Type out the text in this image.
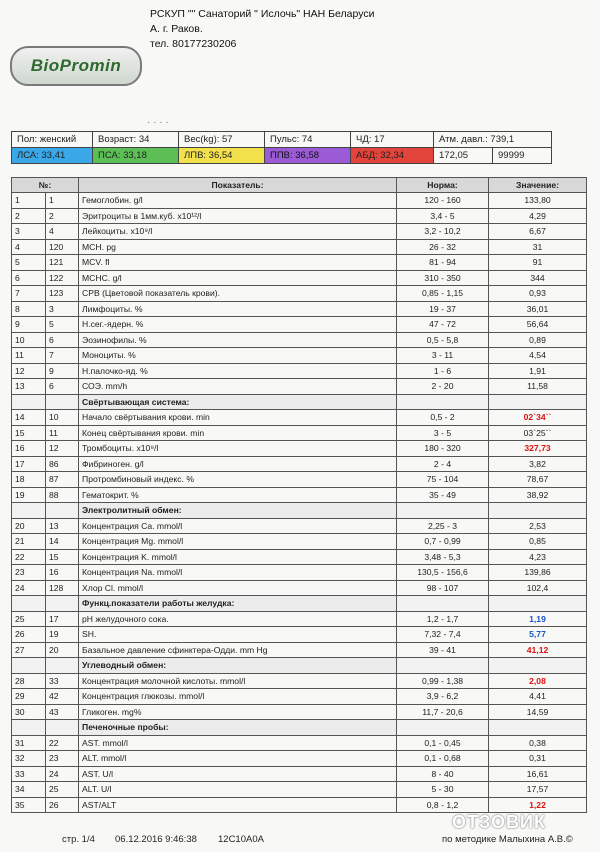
BioPromin
РСКУП "" Санаторий " Ислочь" НАН Беларуси
А. г. Раков.
тел. 80177230206
· · · ·
Пол: женский	Возраст: 34	Вес(kg): 57	Пульс: 74	ЧД: 17	Атм. давл.: 739,1	
ЛСА: 33,41	ПСА: 33,18	ЛПВ: 36,54	ППВ: 36,58	АБД: 32,34	172,05	99999
№:		Показатель:	Норма:	Значение:
1	1	Гемоглобин. g/l	120 - 160	133,80
2	2	Эритроциты в 1мм.куб. х10¹²/l	3,4 - 5	4,29
3	4	Лейкоциты. х10⁹/l	3,2 - 10,2	6,67
4	120	MCH. pg	26 - 32	31
5	121	MCV. fl	81 - 94	91
6	122	MCHC. g/l	310 - 350	344
7	123	СРВ (Цветовой показатель крови).	0,85 - 1,15	0,93
8	3	Лимфоциты. %	19 - 37	36,01
9	5	Н.сег.-ядерн. %	47 - 72	56,64
10	6	Эозинофилы. %	0,5 - 5,8	0,89
11	7	Моноциты. %	3 - 11	4,54
12	9	Н.палочко-яд. %	1 - 6	1,91
13	6	СОЭ. mm/h	2 - 20	11,58
		Свёртывающая система:		
14	10	Начало свёртывания крови. min	0,5 - 2	02`34``
15	11	Конец свёртывания крови. min	3 - 5	03`25``
16	12	Тромбоциты. х10⁹/l	180 - 320	327,73
17	86	Фибриноген. g/l	2 - 4	3,82
18	87	Протромбиновый индекс. %	75 - 104	78,67
19	88	Гематокрит. %	35 - 49	38,92
		Электролитный обмен:		
20	13	Концентрация Ca. mmol/l	2,25 - 3	2,53
21	14	Концентрация Mg. mmol/l	0,7 - 0,99	0,85
22	15	Концентрация K. mmol/l	3,48 - 5,3	4,23
23	16	Концентрация Na. mmol/l	130,5 - 156,6	139,86
24	128	Хлор Cl. mmol/l	98 - 107	102,4
		Функц.показатели работы желудка:		
25	17	pH желудочного сока.	1,2 - 1,7	1,19
26	19	SH.	7,32 - 7,4	5,77
27	20	Базальное давление сфинктера-Одди. mm Hg	39 - 41	41,12
		Углеводный обмен:		
28	33	Концентрация молочной кислоты. mmol/l	0,99 - 1,38	2,08
29	42	Концентрация глюкозы. mmol/l	3,9 - 6,2	4,41
30	43	Гликоген. mg%	11,7 - 20,6	14,59
		Печеночные пробы:		
31	22	AST. mmol/l	0,1 - 0,45	0,38
32	23	ALT. mmol/l	0,1 - 0,68	0,31
33	24	AST. U/l	8 - 40	16,61
34	25	ALT. U/l	5 - 30	17,57
35	26	AST/ALT	0,8 - 1,2	1,22
ОТЗОВИК
стр. 1/4 06.12.2016 9:46:38 12C10A0A	по методике Малыхина А.В.©
